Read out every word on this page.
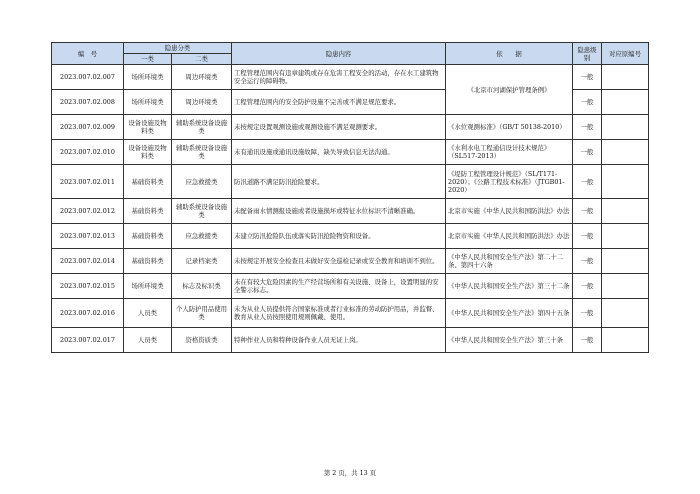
编　号	隐患分类		隐患内容	依　　据	隐患级别	对应原编号
	一类	二类				
2023.007.02.007	场所环境类	周边环境类	工程管理范围内有违章建筑或存在危害工程安全的活动，存在水工建筑物安全运行的障碍物。	《北京市河湖保护管理条例》	一般	
2023.007.02.008	场所环境类	周边环境类	工程管理范围内的安全防护设施不完善或不满足规范要求。		一般	
2023.007.02.009	设备设施及物料类	辅助系统设备设施类	未按规定设置观测设施或观测设施不满足观测要求。	《水位观测标准》（GB/T 50138-2010）	一般	
2023.007.02.010	设备设施及物料类	辅助系统设备设施类	未有通讯设施或通讯设施故障，缺失导致信息无法沟通。	《水利水电工程通信设计技术规范》（SL517-2013）	一般	
2023.007.02.011	基础资料类	应急救援类	防汛道路不满足防汛抢险要求。	《堤防工程管理设计规范》（SL/T171-2020）；《公路工程技术标准》（JTGB01-2020）	一般	
2023.007.02.012	基础资料类	辅助系统设备设施类	未配备雨水情测报设施或者设施损坏或特征水位标识不清晰准确。	北京市实施《中华人民共和国防洪法》办法	一般	
2023.007.02.013	基础资料类	应急救援类	未建立防汛抢险队伍或落实防汛抢险物资和设备。	北京市实施《中华人民共和国防洪法》办法	一般	
2023.007.02.014	基础资料类	记录档案类	未按规定开展安全检查且未做好安全巡检记录或安全教育和培训不到位。	《中华人民共和国安全生产法》第二十二条、第四十六条	一般	
2023.007.02.015	场所环境类	标志及标识类	未在有较大危险因素的生产经营场所和有关设施、设备上，设置明显的安全警示标志。	《中华人民共和国安全生产法》第三十二条	一般	
2023.007.02.016	人员类	个人防护用品使用类	未为从业人员提供符合国家标准或者行业标准的劳动防护用品，并监督、教育从业人员按照使用规则佩戴、使用。	《中华人民共和国安全生产法》第四十五条	一般	
2023.007.02.017	人员类	资格资质类	特种作业人员和特种设备作业人员无证上岗。	《中华人民共和国安全生产法》第三十条	一般	
第 2 页，共 13 页
